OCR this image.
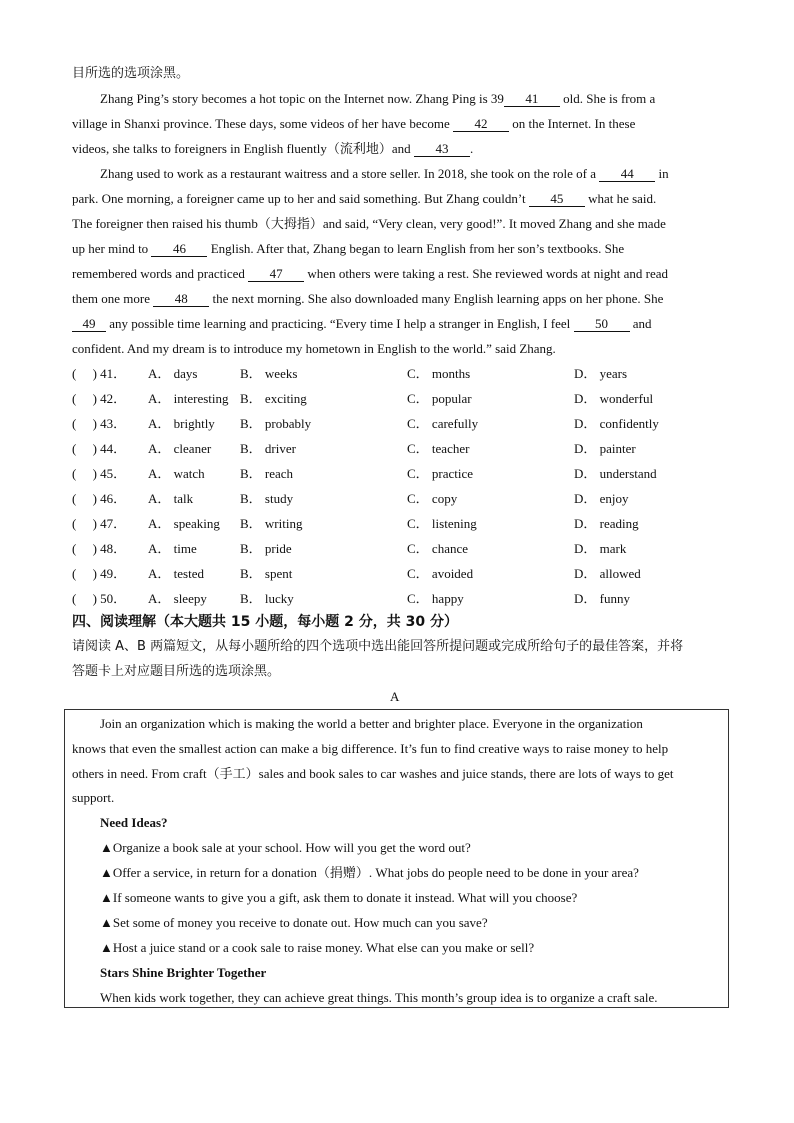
目所选的选项涂黑。
Zhang Ping’s story becomes a hot topic on the Internet now. Zhang Ping is 39 41 old. She is from a
village in Shanxi province. These days, some videos of her have become 42 on the Internet. In these
videos, she talks to foreigners in English fluently（流利地）and 43 .
Zhang used to work as a restaurant waitress and a store seller. In 2018, she took on the role of a 44 in
park. One morning, a foreigner came up to her and said something. But Zhang couldn’t 45 what he said.
The foreigner then raised his thumb（大拇指）and said, “Very clean, very good!”. It moved Zhang and she made
up her mind to 46 English. After that, Zhang began to learn English from her son’s textbooks. She
remembered words and practiced 47 when others were taking a rest. She reviewed words at night and read
them one more 48 the next morning. She also downloaded many English learning apps on her phone. She
49 any possible time learning and practicing. “Every time I help a stranger in English, I feel 50 and
confident. And my dream is to introduce my hometown in English to the world.” said Zhang.
(     ) 41． A． days	B． weeks	C． months	D． years
(     ) 42． A． interesting B． exciting	C． popular	D． wonderful
(     ) 43． A． brightly B． probably	C． carefully	D． confidently
(     ) 44． A． cleaner B． driver	C． teacher	D． painter
(     ) 45． A． watch	B． reach	C． practice	D． understand
(     ) 46． A． talk	B． study	C． copy	D． enjoy
(     ) 47． A． speaking B． writing	C． listening	D． reading
(     ) 48． A． time	B． pride	C． chance	D． mark
(     ) 49． A． tested	B． spent	C． avoided	D． allowed
(     ) 50． A． sleepy	B． lucky	C． happy	D． funny
四、阅读理解（本大题共 15 小题，每小题 2 分，共 30 分）
请阅读 A、B 两篇短文，从每小题所给的四个选项中选出能回答所提问题或完成所给句子的最佳答案，并将
答题卡上对应题目所选的选项涂黑。
A
Join an organization which is making the world a better and brighter place. Everyone in the organization
knows that even the smallest action can make a big difference. It’s fun to find creative ways to raise money to help
others in need. From craft（手工）sales and book sales to car washes and juice stands, there are lots of ways to get
support.
Need Ideas?
▲Organize a book sale at your school. How will you get the word out?
▲Offer a service, in return for a donation（捐赠）. What jobs do people need to be done in your area?
▲If someone wants to give you a gift, ask them to donate it instead. What will you choose?
▲Set some of money you receive to donate out. How much can you save?
▲Host a juice stand or a cook sale to raise money. What else can you make or sell?
Stars Shine Brighter Together
When kids work together, they can achieve great things. This month’s group idea is to organize a craft sale.
